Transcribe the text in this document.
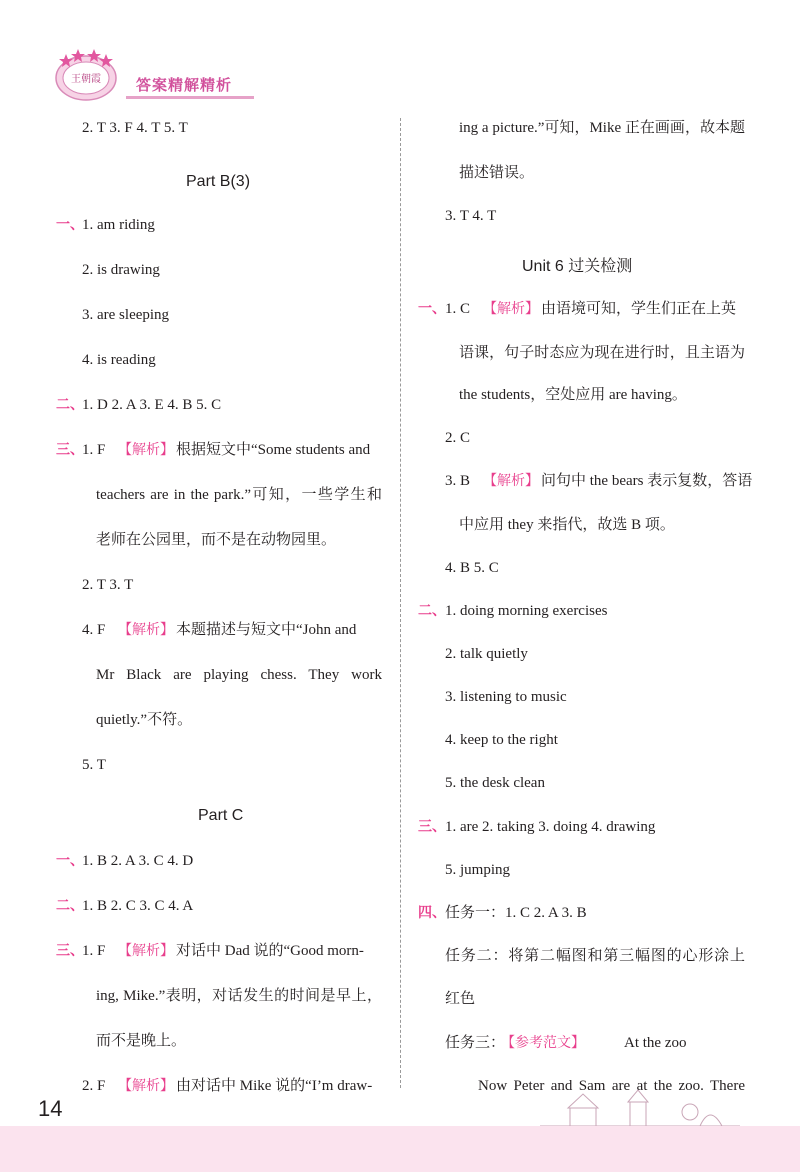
王朝霞 答案精解精析
2. T 3. F 4. T 5. T
Part B(3)
一、
1. am riding
2. is drawing
3. are sleeping
4. is reading
二、
1. D 2. A 3. E 4. B 5. C
三、
1. F 【解析】 根据短文中“Some students and
teachers are in the park.”可知，一些学生和
老师在公园里，而不是在动物园里。
2. T 3. T
4. F 【解析】 本题描述与短文中“John and
Mr Black are playing chess. They work
quietly.”不符。
5. T
Part C
一、
1. B 2. A 3. C 4. D
二、
1. B 2. C 3. C 4. A
三、
1. F 【解析】 对话中 Dad 说的“Good morn-
ing, Mike.”表明，对话发生的时间是早上，
而不是晚上。
2. F 【解析】 由对话中 Mike 说的“I’m draw-
ing a picture.”可知，Mike 正在画画，故本题
描述错误。
3. T 4. T
Unit 6 过关检测
一、 1. C 【解析】 由语境可知，学生们正在上英
语课，句子时态应为现在进行时，且主语为
the students，空处应用 are having。
2. C
3. B 【解析】 问句中 the bears 表示复数，答语
中应用 they 来指代，故选 B 项。
4. B 5. C
二、 1. doing morning exercises
2. talk quietly
3. listening to music
4. keep to the right
5. the desk clean
三、 1. are 2. taking 3. doing 4. drawing
5. jumping
四、 任务一：1. C 2. A 3. B
任务二：将第二幅图和第三幅图的心形涂上
红色
任务三：
【参考范文】	At the zoo
Now Peter and Sam are at the zoo. There
14
